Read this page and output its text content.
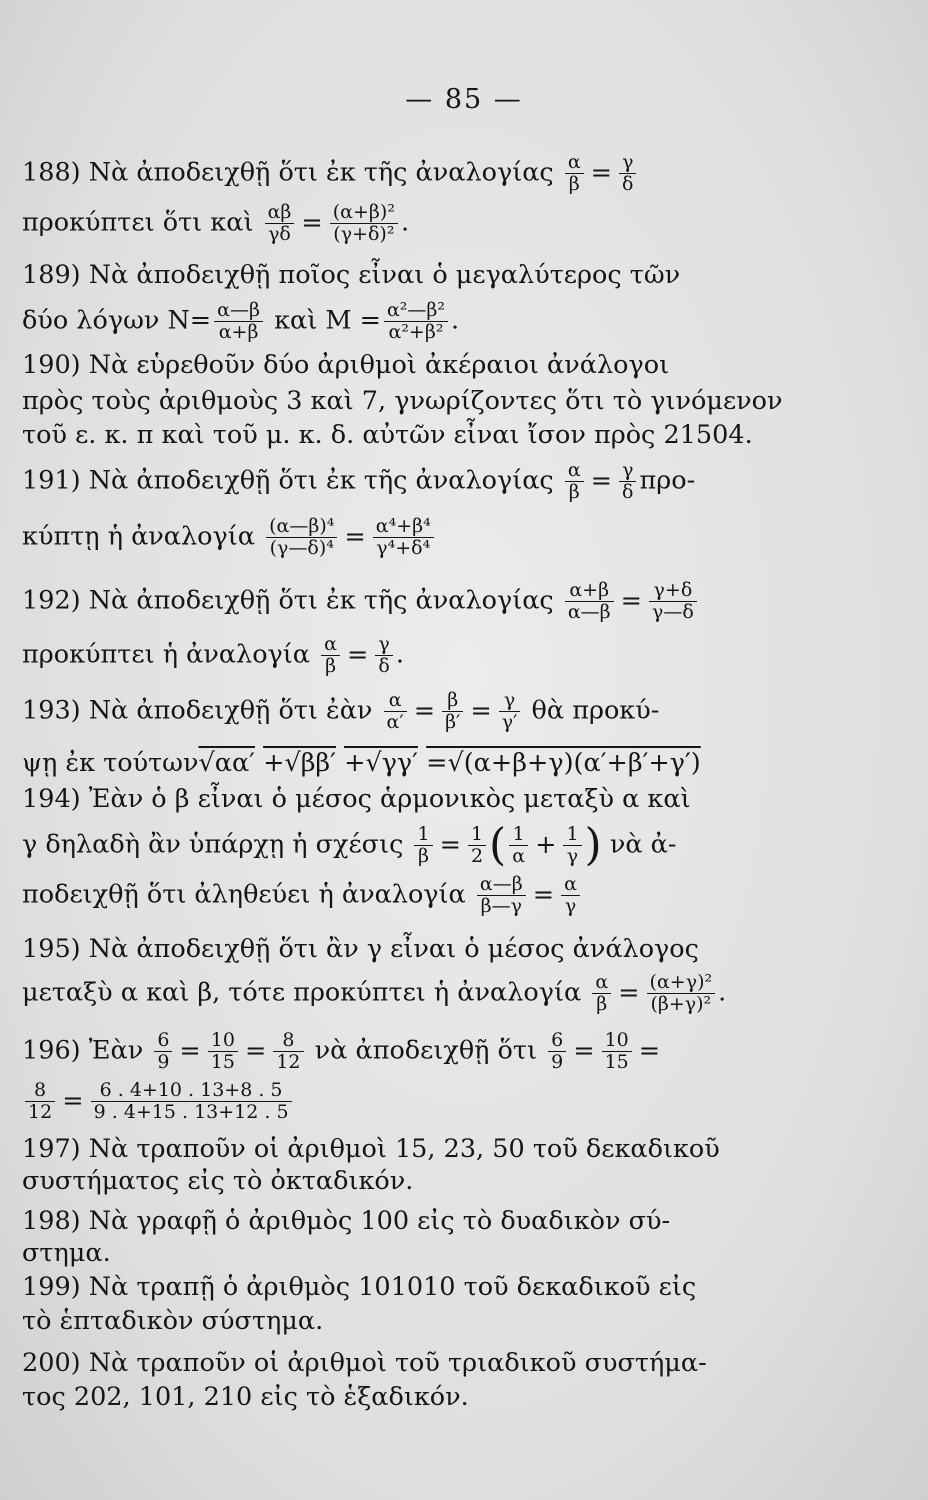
— 85 —
188) Νὰ ἀποδειχθῇ ὅτι ἐκ τῆς ἀναλογίας $\frac{\alpha}{\beta} = \frac{\gamma}{\delta}$
προκύπτει ὅτι καὶ $\frac{\alpha\beta}{\gamma\delta} = \frac{\text{(α+β)²}}{\text{(γ+δ)²}}$ .
189) Νὰ ἀποδειχθῇ ποῖος εἶναι ὁ μεγαλύτερος τῶν
δύο λόγων $N= \frac{\alpha—\beta}{\alpha+\beta}$ καὶ $M = \frac{\text{α²—β²}}{\text{α²+β²}}$ .
190) Νὰ εὑρεθοῦν δύο ἀριθμοὶ ἀκέραιοι ἀνάλογοι
πρὸς τοὺς ἀριθμοὺς 3 καὶ 7, γνωρίζοντες ὅτι τὸ γινόμενον
τοῦ ε. κ. π καὶ τοῦ μ. κ. δ. αὐτῶν εἶναι ἴσον πρὸς 21504.
191) Νὰ ἀποδειχθῇ ὅτι ἐκ τῆς ἀναλογίας $\frac{\alpha}{\beta} = \frac{\gamma}{\delta} \pi\rho o-$
κύπτῃ ἡ ἀναλογία $\frac{\text{(α—β)⁴}}{\text{(γ—δ)⁴}} = \frac{\text{α⁴+β⁴}}{\text{γ⁴+δ⁴}}$
192) Νὰ ἀποδειχθῇ ὅτι ἐκ τῆς ἀναλογίας $\frac{\alpha+\beta}{\alpha—\beta} = \frac{\gamma+\delta}{\gamma—\delta}$
προκύπτει ἡ ἀναλογία $\frac{\alpha}{\beta} = \frac{\gamma}{\delta}$ .
193) Νὰ ἀποδειχθῇ ὅτι ἐὰν $\frac{\alpha}{\alpha'} = \frac{\beta}{\beta'} = \frac{\gamma}{\gamma'}$ θὰ προκύ-
ψῃ ἐκ τούτων√αα′ +√ββ′ +√γγ′ =√(α+β+γ)(α′+β′+γ′)
194) Ἐὰν ὁ β εἶναι ὁ μέσος ἁρμονικὸς μεταξὺ α καὶ
γ δηλαδὴ ἂν ὑπάρχῃ ἡ σχέσις $\frac{1}{\beta} = \frac{1}{2}$ ( $\frac{1}{\alpha} + \frac{1}{\gamma}$ ) νὰ ἀ-
ποδειχθῇ ὅτι ἀληθεύει ἡ ἀναλογία $\frac{\alpha—\beta}{\beta—\gamma} = \frac{\alpha}{\gamma}$
195) Νὰ ἀποδειχθῇ ὅτι ἂν γ εἶναι ὁ μέσος ἀνάλογος
μεταξὺ α καὶ β, τότε προκύπτει ἡ ἀναλογία $\frac{\alpha}{\beta} = \frac{\text{(α+γ)²}}{\text{(β+γ)²}}$ .
196) Ἐὰν $\frac{6}{9} = \frac{10}{15} = \frac{8}{12}$ νὰ ἀποδειχθῇ ὅτι $\frac{6}{9} = \frac{10}{15}$ =
$\frac{8}{12} = \frac{6 . 4+10 . 13+8 . 5}{9 . 4+15 . 13+12 . 5}$
197) Νὰ τραποῦν οἱ ἀριθμοὶ 15, 23, 50 τοῦ δεκαδικοῦ
συστήματος εἰς τὸ ὀκταδικόν.
198) Νὰ γραφῇ ὁ ἀριθμὸς 100 εἰς τὸ δυαδικὸν σύ-
στημα.
199) Νὰ τραπῇ ὁ ἀριθμὸς 101010 τοῦ δεκαδικοῦ εἰς
τὸ ἑπταδικὸν σύστημα.
200) Νὰ τραποῦν οἱ ἀριθμοὶ τοῦ τριαδικοῦ συστήμα-
τος 202, 101, 210 εἰς τὸ ἑξαδικόν.
